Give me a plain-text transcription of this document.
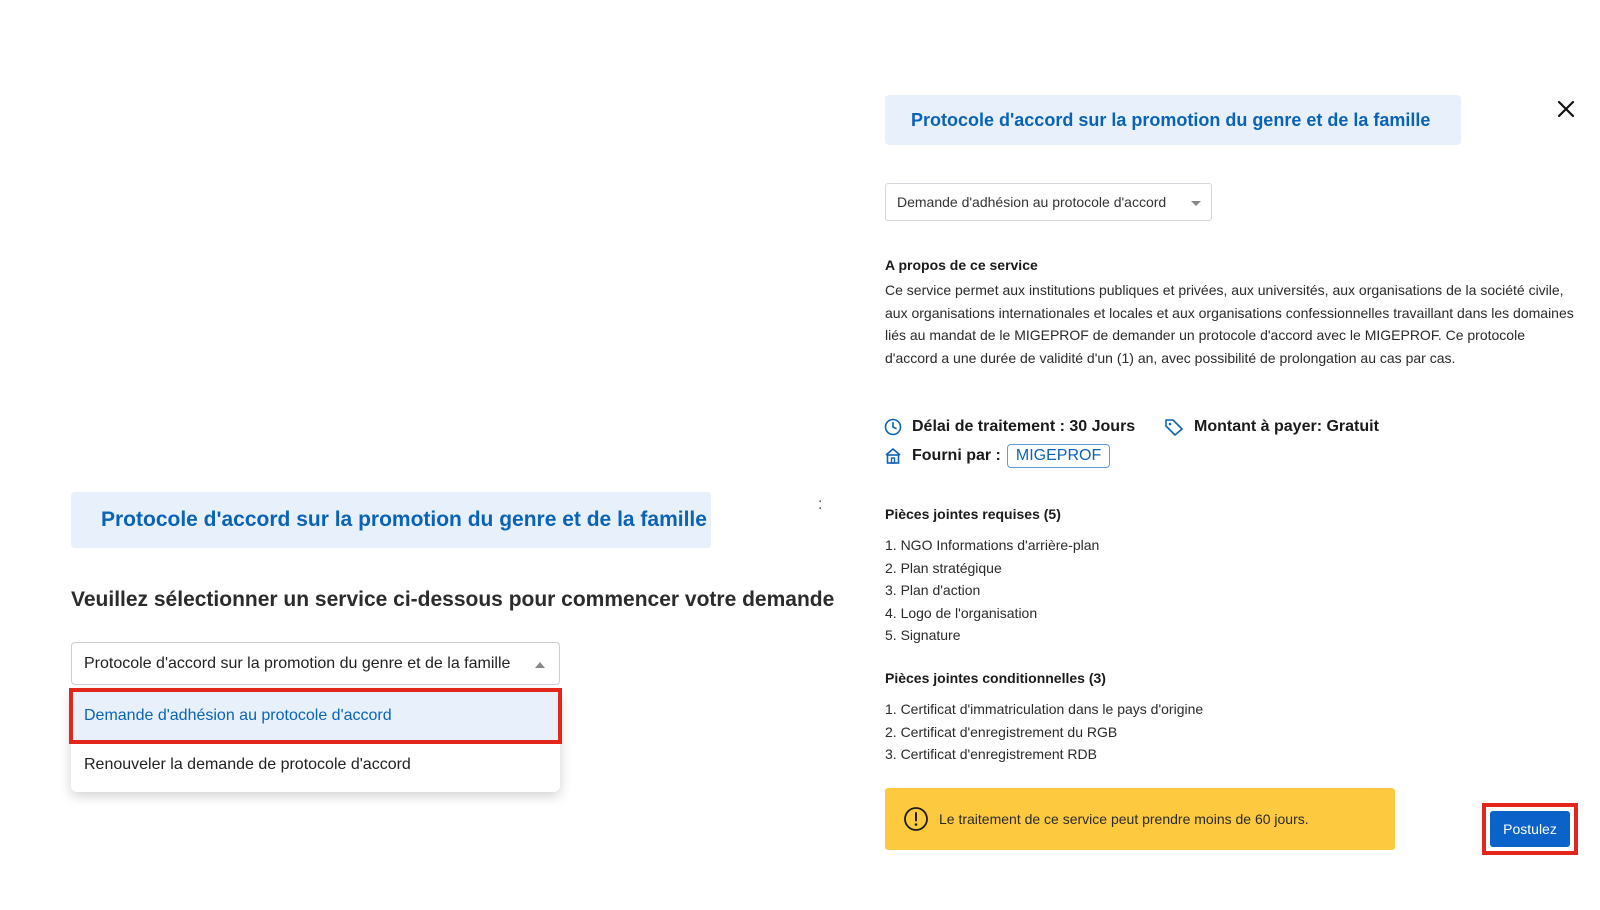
Protocole d'accord sur la promotion du genre et de la famille
Veuillez sélectionner un service ci-dessous pour commencer votre demande
Protocole d'accord sur la promotion du genre et de la famille
Demande d'adhésion au protocole d'accord
Renouveler la demande de protocole d'accord
:
Protocole d'accord sur la promotion du genre et de la famille
Demande d'adhésion au protocole d'accord
A propos de ce service
Ce service permet aux institutions publiques et privées, aux universités, aux organisations de la société civile, aux organisations internationales et locales et aux organisations confessionnelles travaillant dans les domaines liés au mandat de le MIGEPROF de demander un protocole d'accord avec le MIGEPROF. Ce protocole d'accord a une durée de validité d'un (1) an, avec possibilité de prolongation au cas par cas.
Délai de traitement : 30 Jours	Montant à payer: Gratuit
Fourni par : MIGEPROF
Pièces jointes requises (5)
1. NGO Informations d'arrière-plan
2. Plan stratégique
3. Plan d'action
4. Logo de l'organisation
5. Signature
Pièces jointes conditionnelles (3)
1. Certificat d'immatriculation dans le pays d'origine
2. Certificat d'enregistrement du RGB
3. Certificat d'enregistrement RDB
Le traitement de ce service peut prendre moins de 60 jours.
Postulez
